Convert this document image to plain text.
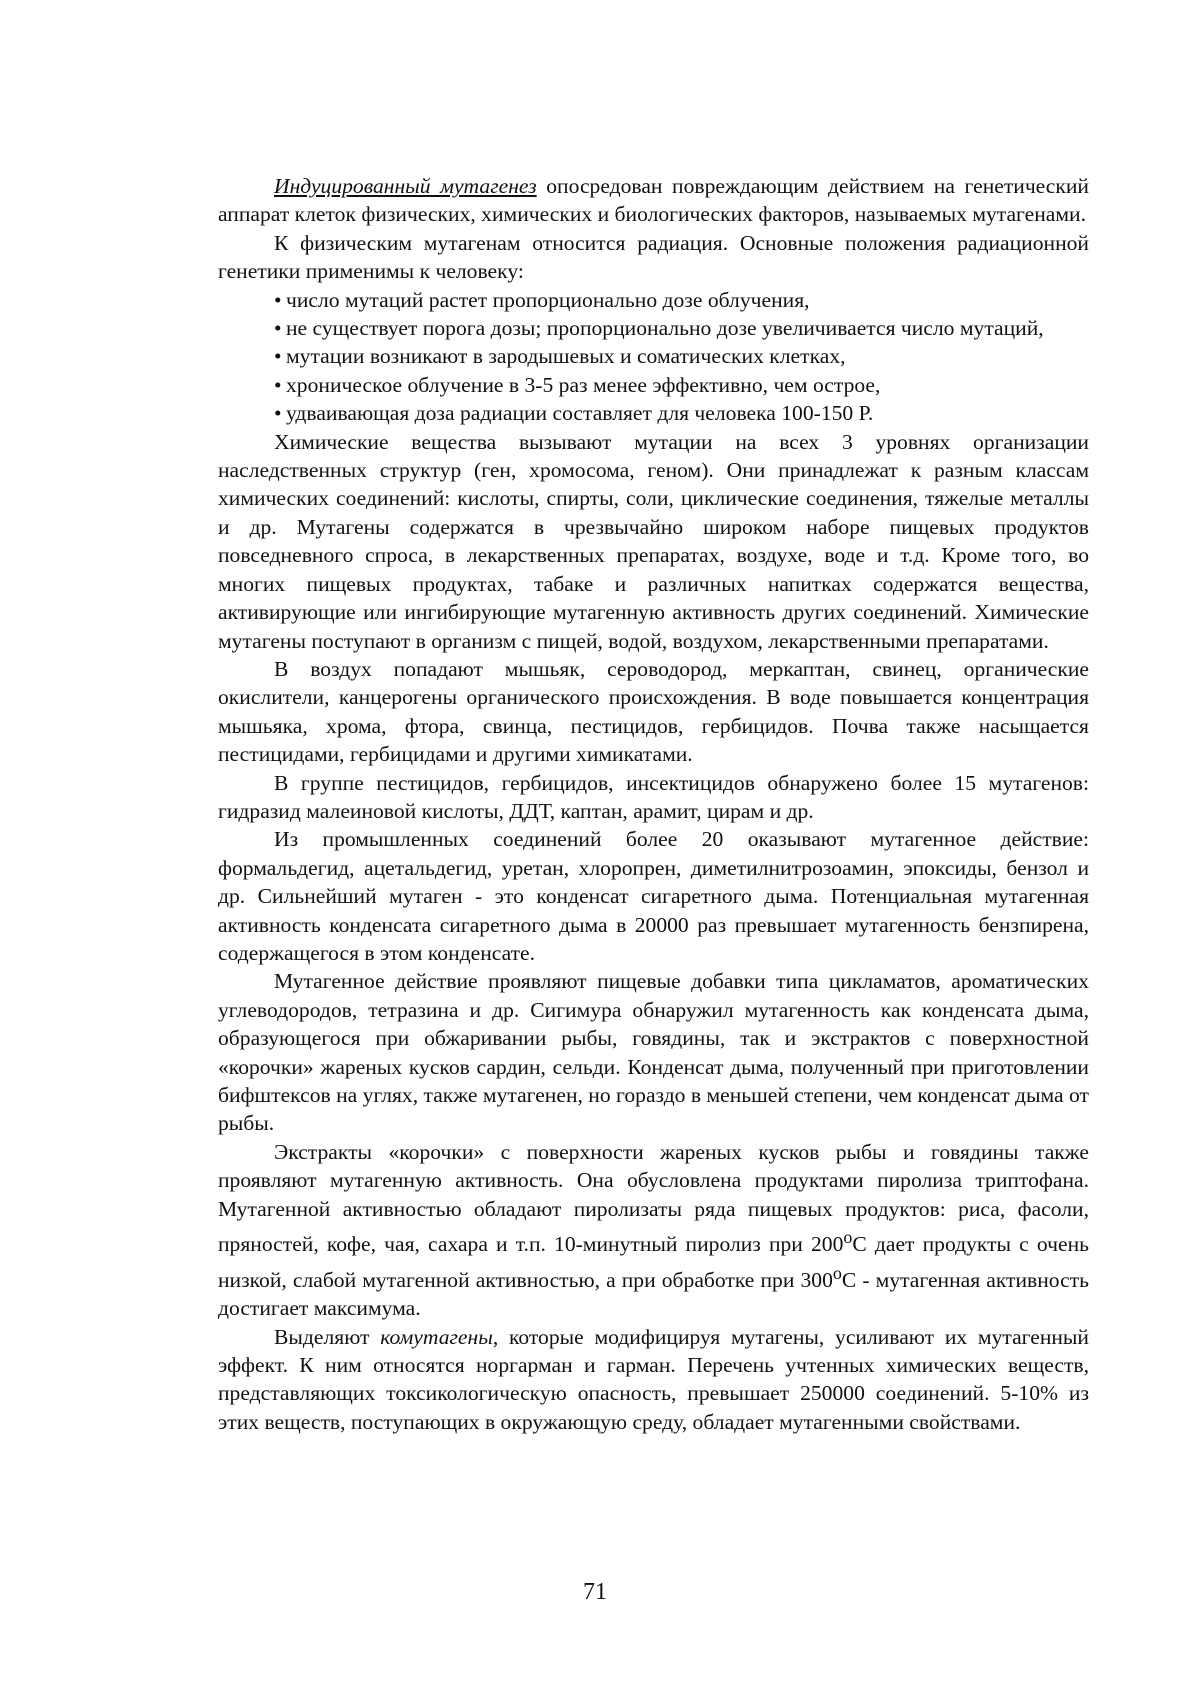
Индуцированный мутагенез опосредован повреждающим действием на генетический аппарат клеток физических, химических и биологических факторов, называемых мутагенами.

К физическим мутагенам относится радиация. Основные положения радиационной генетики применимы к человеку:

• число мутаций растет пропорционально дозе облучения,
• не существует порога дозы; пропорционально дозе увеличивается число мутаций,
• мутации возникают в зародышевых и соматических клетках,
• хроническое облучение в 3-5 раз менее эффективно, чем острое,
• удваивающая доза радиации составляет для человека 100-150 Р.

Химические вещества вызывают мутации на всех 3 уровнях организации наследственных структур (ген, хромосома, геном). Они принадлежат к разным классам химических соединений: кислоты, спирты, соли, циклические соединения, тяжелые металлы и др. Мутагены содержатся в чрезвычайно широком наборе пищевых продуктов повседневного спроса, в лекарственных препаратах, воздухе, воде и т.д. Кроме того, во многих пищевых продуктах, табаке и различных напитках содержатся вещества, активирующие или ингибирующие мутагенную активность других соединений. Химические мутагены поступают в организм с пищей, водой, воздухом, лекарственными препаратами.

В воздух попадают мышьяк, сероводород, меркаптан, свинец, органические окислители, канцерогены органического происхождения. В воде повышается концентрация мышьяка, хрома, фтора, свинца, пестицидов, гербицидов. Почва также насыщается пестицидами, гербицидами и другими химикатами.

В группе пестицидов, гербицидов, инсектицидов обнаружено более 15 мутагенов: гидразид малеиновой кислоты, ДДТ, каптан, арамит, цирам и др.

Из промышленных соединений более 20 оказывают мутагенное действие: формальдегид, ацетальдегид, уретан, хлоропрен, диметилнитрозоамин, эпоксиды, бензол и др. Сильнейший мутаген - это конденсат сигаретного дыма. Потенциальная мутагенная активность конденсата сигаретного дыма в 20000 раз превышает мутагенность бензпирена, содержащегося в этом конденсате.

Мутагенное действие проявляют пищевые добавки типа цикламатов, ароматических углеводородов, тетразина и др. Сигимура обнаружил мутагенность как конденсата дыма, образующегося при обжаривании рыбы, говядины, так и экстрактов с поверхностной «корочки» жареных кусков сардин, сельди. Конденсат дыма, полученный при приготовлении бифштексов на углях, также мутагенен, но гораздо в меньшей степени, чем конденсат дыма от рыбы.

Экстракты «корочки» с поверхности жареных кусков рыбы и говядины также проявляют мутагенную активность. Она обусловлена продуктами пиролиза триптофана. Мутагенной активностью обладают пиролизаты ряда пищевых продуктов: риса, фасоли, пряностей, кофе, чая, сахара и т.п. 10-минутный пиролиз при 200$^o$С дает продукты с очень низкой, слабой мутагенной активностью, а при обработке при 300$^o$С - мутагенная активность достигает максимума.

Выделяют комутагены, которые модифицируя мутагены, усиливают их мутагенный эффект. К ним относятся норгарман и гарман. Перечень учтенных химических веществ, представляющих токсикологическую опасность, превышает 250000 соединений. 5-10% из этих веществ, поступающих в окружающую среду, обладает мутагенными свойствами.

71
